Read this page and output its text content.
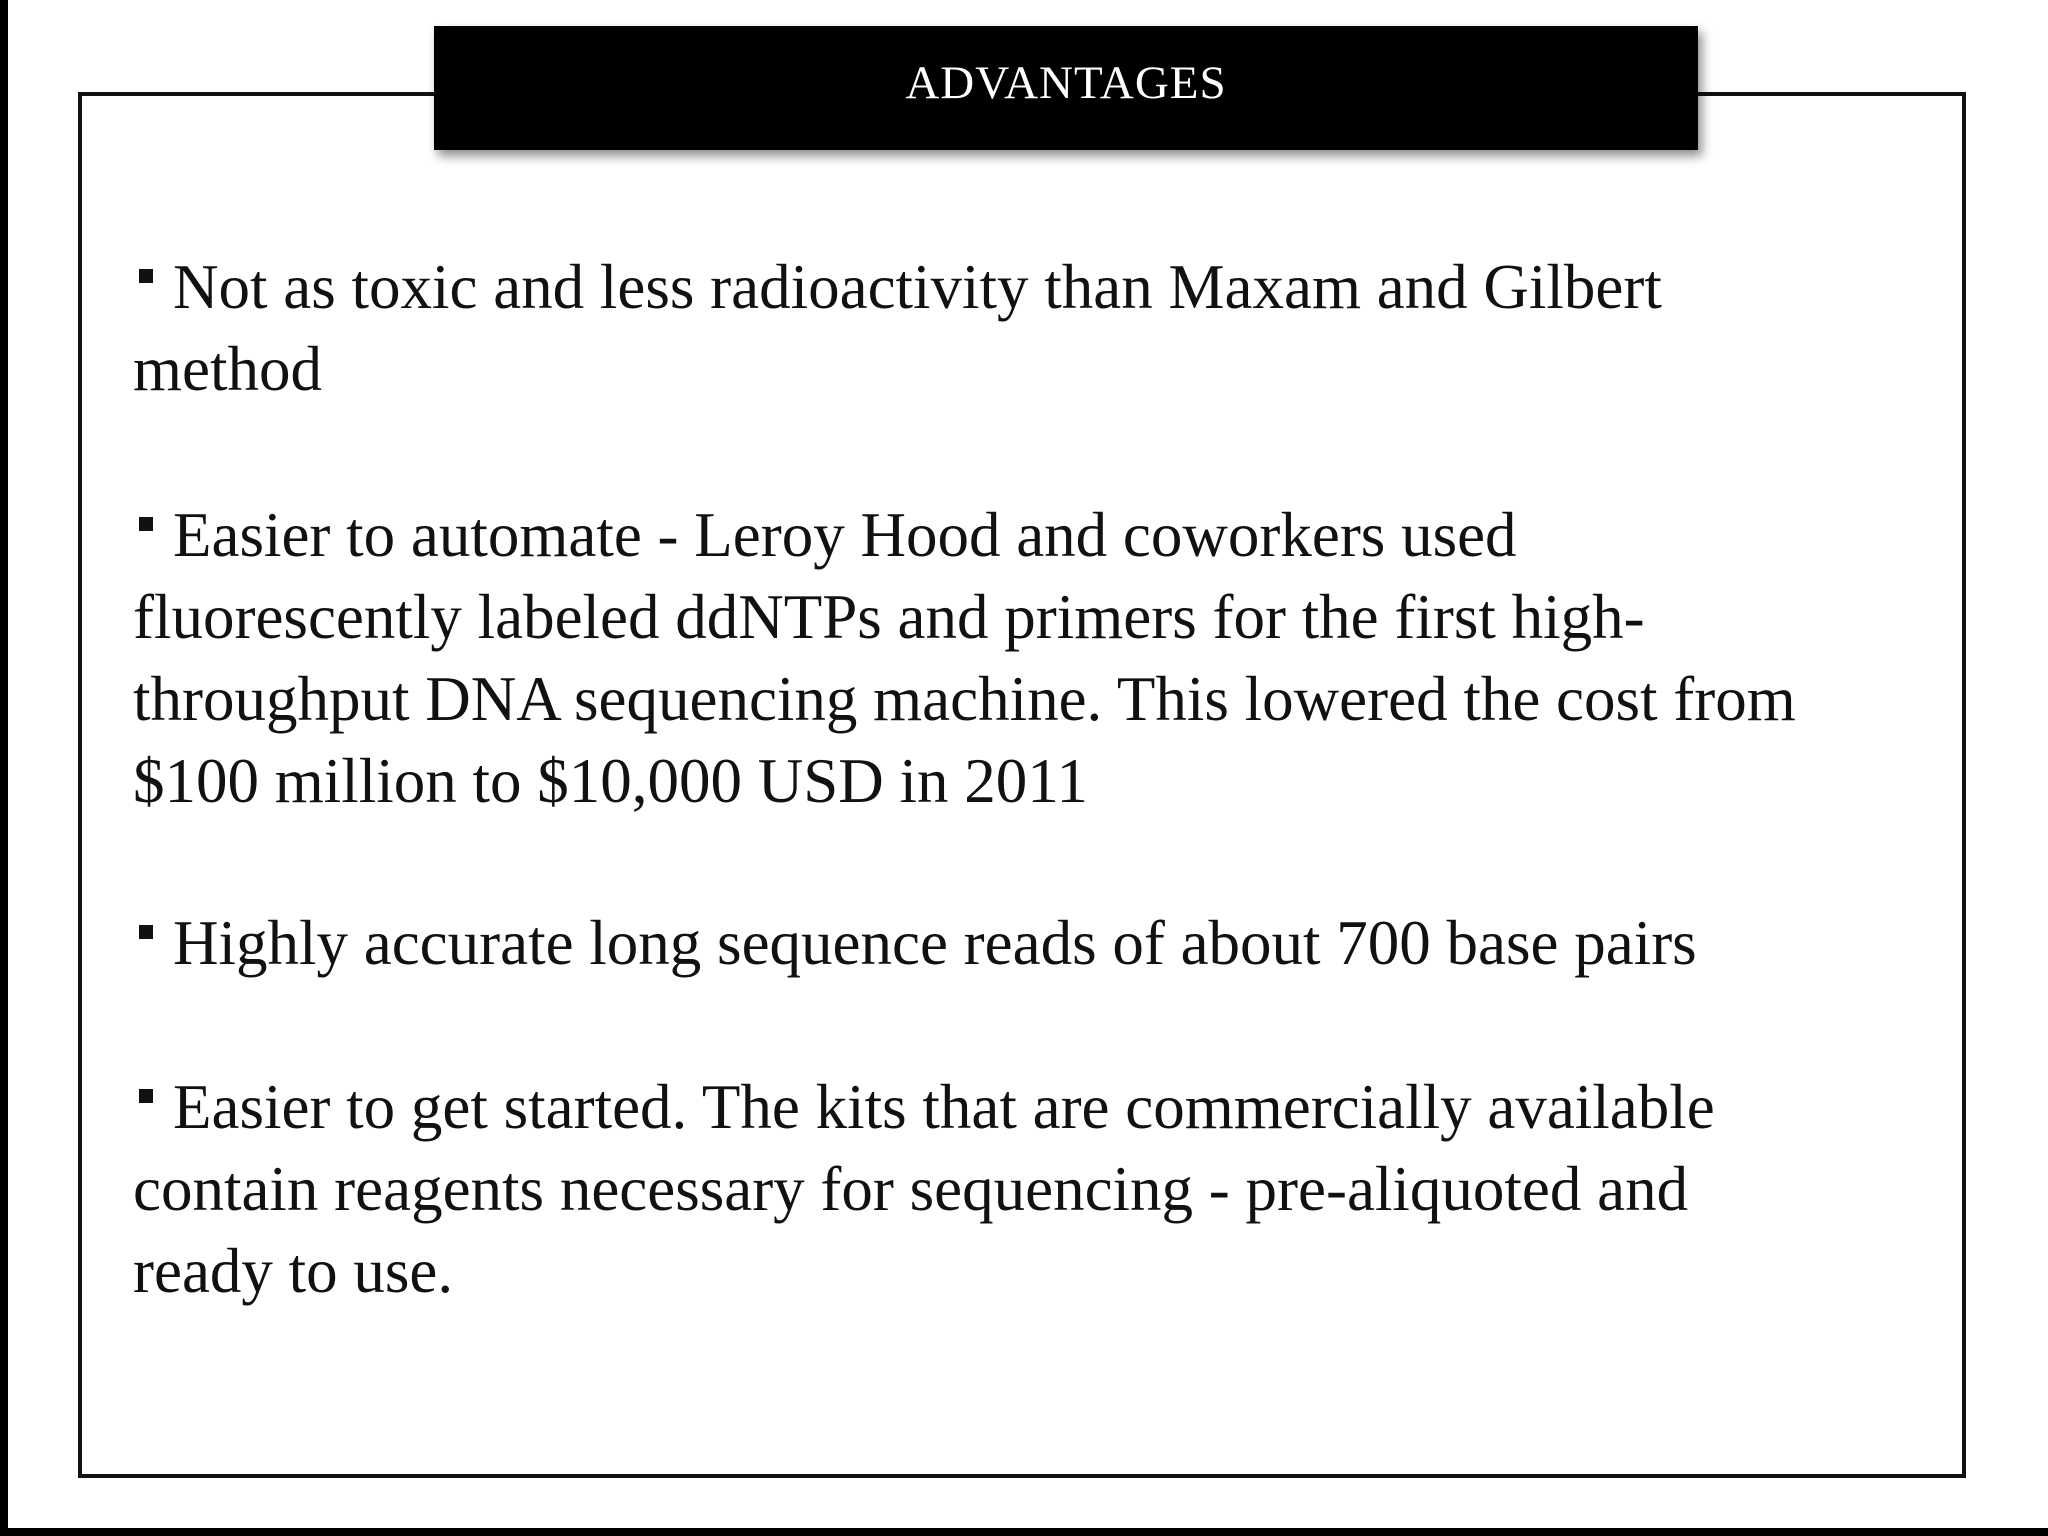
ADVANTAGES

Not as toxic and less radioactivity than Maxam and Gilbert
method

Easier to automate - Leroy Hood and coworkers used
fluorescently labeled ddNTPs and primers for the first high-
throughput DNA sequencing machine. This lowered the cost from
$100 million to $10,000 USD in 2011

Highly accurate long sequence reads of about 700 base pairs

Easier to get started. The kits that are commercially available
contain reagents necessary for sequencing - pre-aliquoted and
ready to use.
